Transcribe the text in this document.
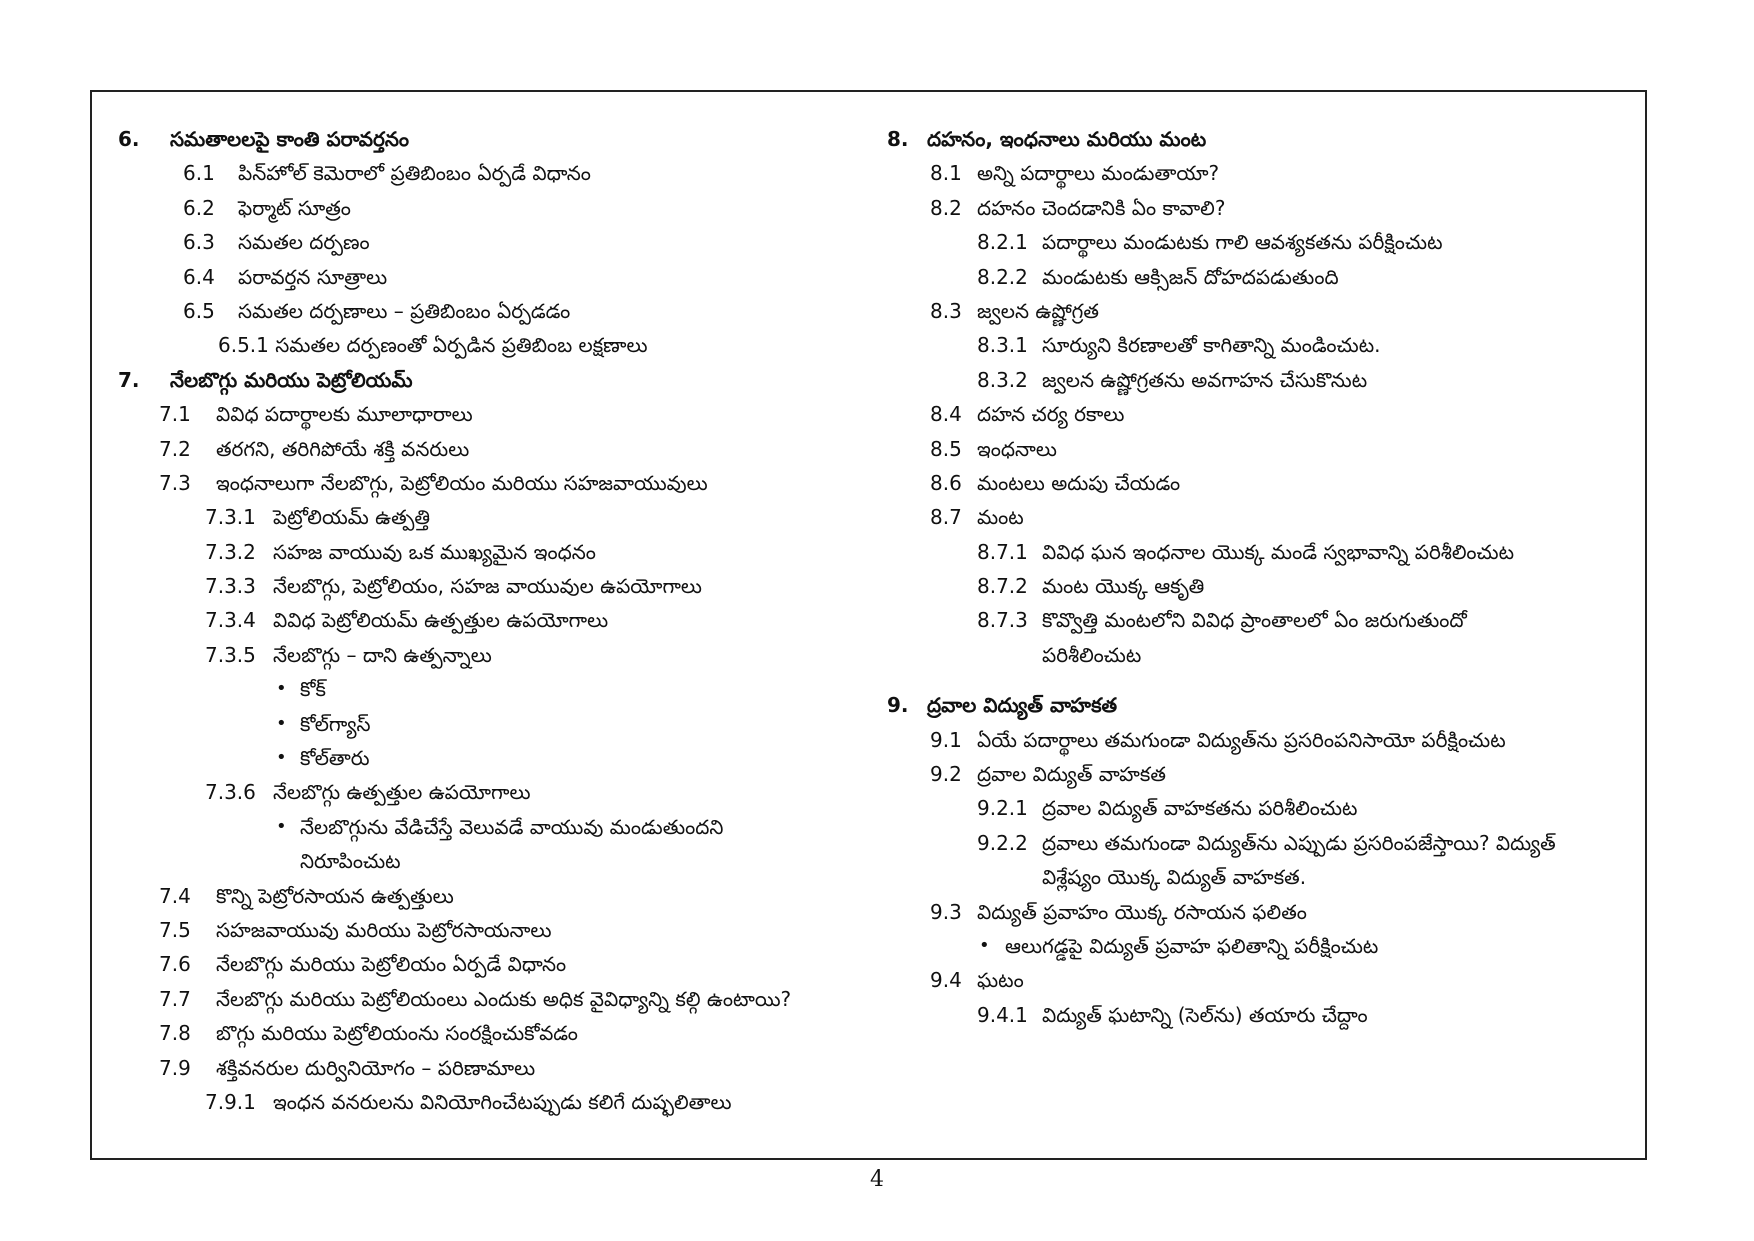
6. సమతాలలపై కాంతి పరావర్తనం
6.1 పిన్‌హోల్ కెమెరాలో ప్రతిబింబం ఏర్పడే విధానం
6.2 ఫెర్మాట్ సూత్రం
6.3 సమతల దర్పణం
6.4 పరావర్తన సూత్రాలు
6.5 సమతల దర్పణాలు – ప్రతిబింబం ఏర్పడడం
6.5.1 సమతల దర్పణంతో ఏర్పడిన ప్రతిబింబ లక్షణాలు
7. నేలబొగ్గు మరియు పెట్రోలియమ్
7.1 వివిధ పదార్థాలకు మూలాధారాలు
7.2 తరగని, తరిగిపోయే శక్తి వనరులు
7.3 ఇంధనాలుగా నేలబొగ్గు, పెట్రోలియం మరియు సహజవాయువులు
7.3.1 పెట్రోలియమ్ ఉత్పత్తి
7.3.2 సహజ వాయువు ఒక ముఖ్యమైన ఇంధనం
7.3.3 నేలబొగ్గు, పెట్రోలియం, సహజ వాయువుల ఉపయోగాలు
7.3.4 వివిధ పెట్రోలియమ్ ఉత్పత్తుల ఉపయోగాలు
7.3.5 నేలబొగ్గు – దాని ఉత్పన్నాలు
• కోక్
• కోల్‌గ్యాస్
• కోల్‌తారు
7.3.6 నేలబొగ్గు ఉత్పత్తుల ఉపయోగాలు
• నేలబొగ్గును వేడిచేస్తే వెలువడే వాయువు మండుతుందని
నిరూపించుట
7.4 కొన్ని పెట్రోరసాయన ఉత్పత్తులు
7.5 సహజవాయువు మరియు పెట్రోరసాయనాలు
7.6 నేలబొగ్గు మరియు పెట్రోలియం ఏర్పడే విధానం
7.7 నేలబొగ్గు మరియు పెట్రోలియంలు ఎందుకు అధిక వైవిధ్యాన్ని కల్గి ఉంటాయి?
7.8 బొగ్గు మరియు పెట్రోలియంను సంరక్షించుకోవడం
7.9 శక్తివనరుల దుర్వినియోగం – పరిణామాలు
7.9.1 ఇంధన వనరులను వినియోగించేటప్పుడు కలిగే దుష్ఫలితాలు
8. దహనం, ఇంధనాలు మరియు మంట
8.1 అన్ని పదార్థాలు మండుతాయా?
8.2 దహనం చెందడానికి ఏం కావాలి?
8.2.1 పదార్థాలు మండుటకు గాలి ఆవశ్యకతను పరీక్షించుట
8.2.2 మండుటకు ఆక్సిజన్ దోహదపడుతుంది
8.3 జ్వలన ఉష్ణోగ్రత
8.3.1 సూర్యుని కిరణాలతో కాగితాన్ని మండించుట.
8.3.2 జ్వలన ఉష్ణోగ్రతను అవగాహన చేసుకొనుట
8.4 దహన చర్య రకాలు
8.5 ఇంధనాలు
8.6 మంటలు అదుపు చేయడం
8.7 మంట
8.7.1 వివిధ ఘన ఇంధనాల యొక్క మండే స్వభావాన్ని పరిశీలించుట
8.7.2 మంట యొక్క ఆకృతి
8.7.3 కొవ్వొత్తి మంటలోని వివిధ ప్రాంతాలలో ఏం జరుగుతుందో
పరిశీలించుట
9. ద్రవాల విద్యుత్ వాహకత
9.1 ఏయే పదార్థాలు తమగుండా విద్యుత్‌ను ప్రసరింపనిసాయో పరీక్షించుట
9.2 ద్రవాల విద్యుత్ వాహకత
9.2.1 ద్రవాల విద్యుత్ వాహకతను పరిశీలించుట
9.2.2 ద్రవాలు తమగుండా విద్యుత్‌ను ఎప్పుడు ప్రసరింపజేస్తాయి? విద్యుత్
విశ్లేష్యం యొక్క విద్యుత్ వాహకత.
9.3 విద్యుత్ ప్రవాహం యొక్క రసాయన ఫలితం
• ఆలుగడ్డపై విద్యుత్ ప్రవాహ ఫలితాన్ని పరీక్షించుట
9.4 ఘటం
9.4.1 విద్యుత్ ఘటాన్ని (సెల్‌ను) తయారు చేద్దాం
4
